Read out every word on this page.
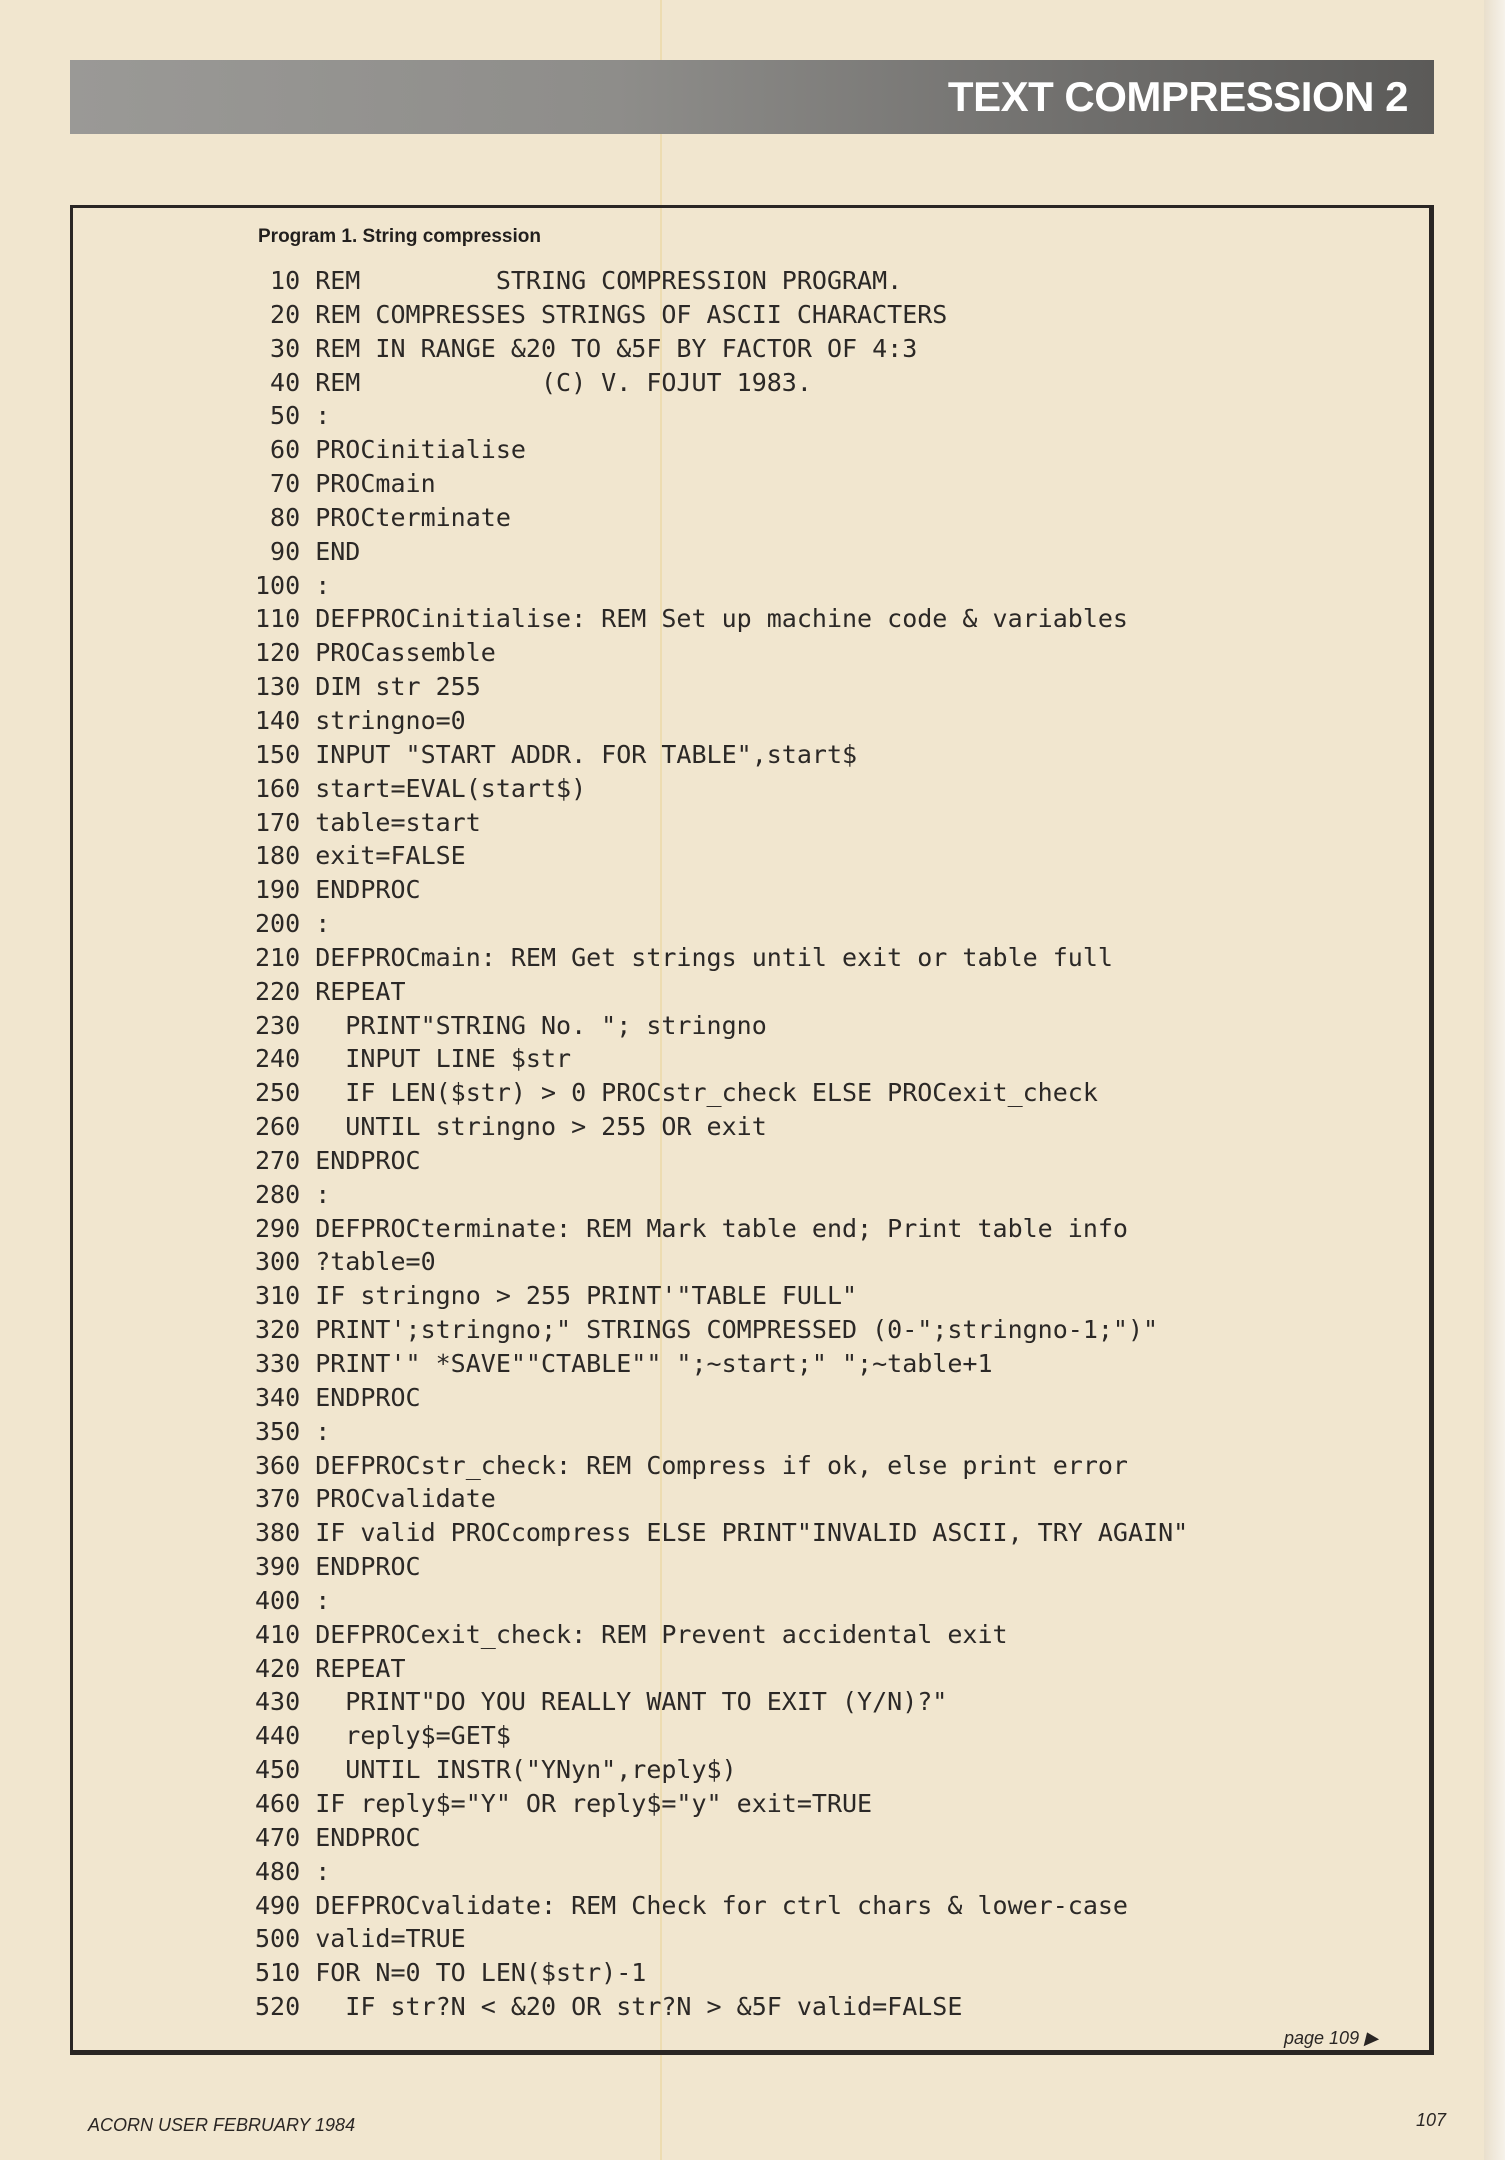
TEXT COMPRESSION 2
Program 1. String compression
10 REM         STRING COMPRESSION PROGRAM.
20 REM COMPRESSES STRINGS OF ASCII CHARACTERS
30 REM IN RANGE &20 TO &5F BY FACTOR OF 4:3
40 REM            (C) V. FOJUT 1983.
50 :
60 PROCinitialise
70 PROCmain
80 PROCterminate
90 END
100 :
110 DEFPROCinitialise: REM Set up machine code & variables
120 PROCassemble
130 DIM str 255
140 stringno=0
150 INPUT "START ADDR. FOR TABLE",start$
160 start=EVAL(start$)
170 table=start
180 exit=FALSE
190 ENDPROC
200 :
210 DEFPROCmain: REM Get strings until exit or table full
220 REPEAT
230   PRINT"STRING No. "; stringno
240   INPUT LINE $str
250   IF LEN($str) > 0 PROCstr_check ELSE PROCexit_check
260   UNTIL stringno > 255 OR exit
270 ENDPROC
280 :
290 DEFPROCterminate: REM Mark table end; Print table info
300 ?table=0
310 IF stringno > 255 PRINT'"TABLE FULL"
320 PRINT';stringno;" STRINGS COMPRESSED (0-";stringno-1;")"
330 PRINT'" *SAVE""CTABLE"" ";~start;" ";~table+1
340 ENDPROC
350 :
360 DEFPROCstr_check: REM Compress if ok, else print error
370 PROCvalidate
380 IF valid PROCcompress ELSE PRINT"INVALID ASCII, TRY AGAIN"
390 ENDPROC
400 :
410 DEFPROCexit_check: REM Prevent accidental exit
420 REPEAT
430   PRINT"DO YOU REALLY WANT TO EXIT (Y/N)?"
440   reply$=GET$
450   UNTIL INSTR("YNyn",reply$)
460 IF reply$="Y" OR reply$="y" exit=TRUE
470 ENDPROC
480 :
490 DEFPROCvalidate: REM Check for ctrl chars & lower-case
500 valid=TRUE
510 FOR N=0 TO LEN($str)-1
520   IF str?N < &20 OR str?N > &5F valid=FALSE
page 109 ▶
ACORN USER FEBRUARY 1984	107
